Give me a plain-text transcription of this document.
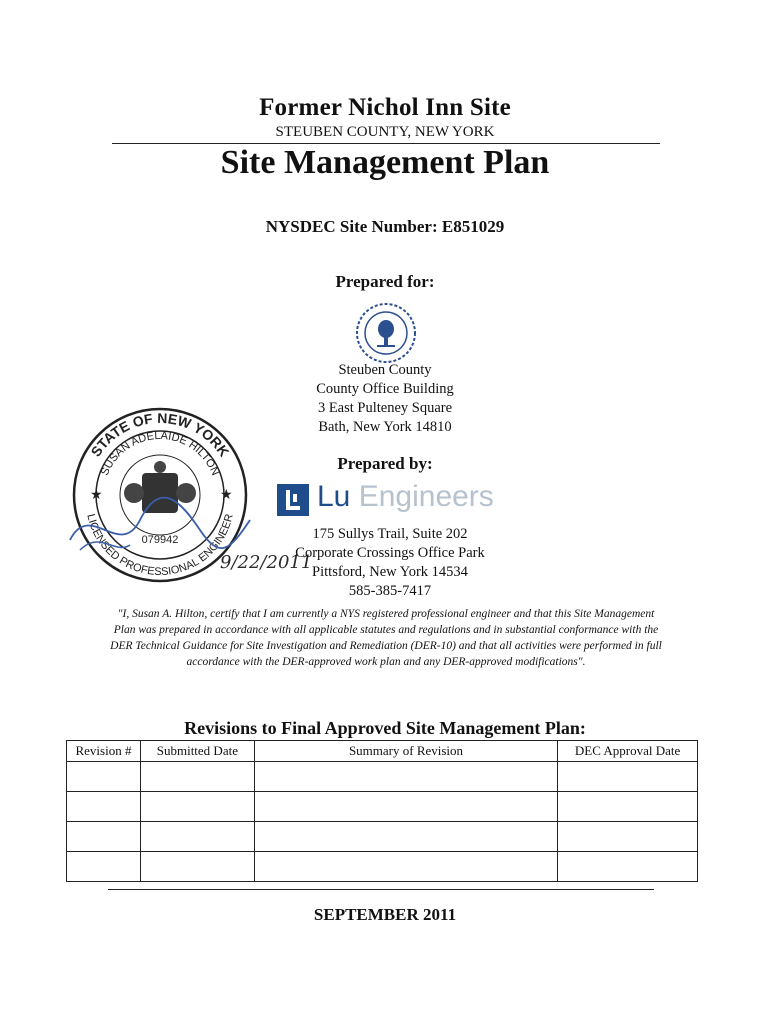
Former Nichol Inn Site
STEUBEN COUNTY, NEW YORK
Site Management Plan
NYSDEC Site Number: E851029
Prepared for:
Steuben County
County Office Building
3 East Pulteney Square
Bath, New York 14810
STATE OF NEW YORK
SUSAN ADELAIDE HILTON
LICENSED PROFESSIONAL ENGINEER
079942
★	★
9/22/2011
Prepared by:
Lu Engineers
175 Sullys Trail, Suite 202
Corporate Crossings Office Park
Pittsford, New York 14534
585-385-7417
"I, Susan A. Hilton, certify that I am currently a NYS registered professional engineer and that this Site Management Plan was prepared in accordance with all applicable statutes and regulations and in substantial conformance with the DER Technical Guidance for Site Investigation and Remediation (DER-10) and that all activities were performed in full accordance with the DER-approved work plan and any DER-approved modifications".
Revisions to Final Approved Site Management Plan:
Revision #	Submitted Date	Summary of Revision	DEC Approval Date

SEPTEMBER 2011
